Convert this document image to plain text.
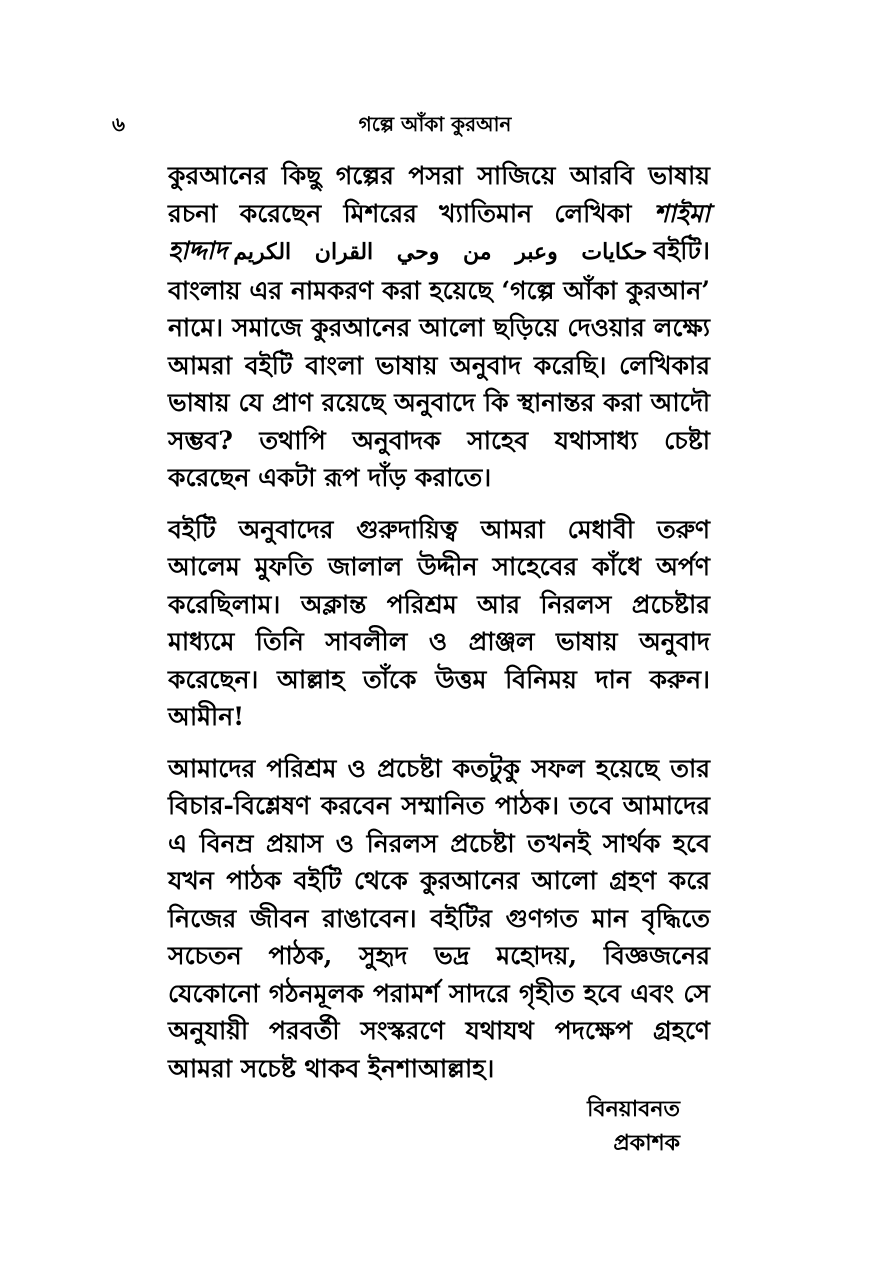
৬	গল্পে আঁকা কুরআন

কুরআনের কিছু গল্পের পসরা সাজিয়ে আরবি ভাষায় রচনা করেছেন মিশরের খ্যাতিমান লেখিকা শাইমা হাদ্দাদ حكايات وعبر من وحي القران الكريم বইটি। বাংলায় এর নামকরণ করা হয়েছে ‘গল্পে আঁকা কুরআন’ নামে। সমাজে কুরআনের আলো ছড়িয়ে দেওয়ার লক্ষ্যে আমরা বইটি বাংলা ভাষায় অনুবাদ করেছি। লেখিকার ভাষায় যে প্রাণ রয়েছে অনুবাদে কি স্থানান্তর করা আদৌ সম্ভব? তথাপি অনুবাদক সাহেব যথাসাধ্য চেষ্টা করেছেন একটা রূপ দাঁড় করাতে।

বইটি অনুবাদের গুরুদায়িত্ব আমরা মেধাবী তরুণ আলেম মুফতি জালাল উদ্দীন সাহেবের কাঁধে অর্পণ করেছিলাম। অক্লান্ত পরিশ্রম আর নিরলস প্রচেষ্টার মাধ্যমে তিনি সাবলীল ও প্রাঞ্জল ভাষায় অনুবাদ করেছেন। আল্লাহ তাঁকে উত্তম বিনিময় দান করুন। আমীন!

আমাদের পরিশ্রম ও প্রচেষ্টা কতটুকু সফল হয়েছে তার বিচার-বিশ্লেষণ করবেন সম্মানিত পাঠক। তবে আমাদের এ বিনম্র প্রয়াস ও নিরলস প্রচেষ্টা তখনই সার্থক হবে যখন পাঠক বইটি থেকে কুরআনের আলো গ্রহণ করে নিজের জীবন রাঙাবেন। বইটির গুণগত মান বৃদ্ধিতে সচেতন পাঠক, সুহৃদ ভদ্র মহোদয়, বিজ্ঞজনের যেকোনো গঠনমূলক পরামর্শ সাদরে গৃহীত হবে এবং সে অনুযায়ী পরবর্তী সংস্করণে যথাযথ পদক্ষেপ গ্রহণে আমরা সচেষ্ট থাকব ইনশাআল্লাহ।

বিনয়াবনত
প্রকাশক
